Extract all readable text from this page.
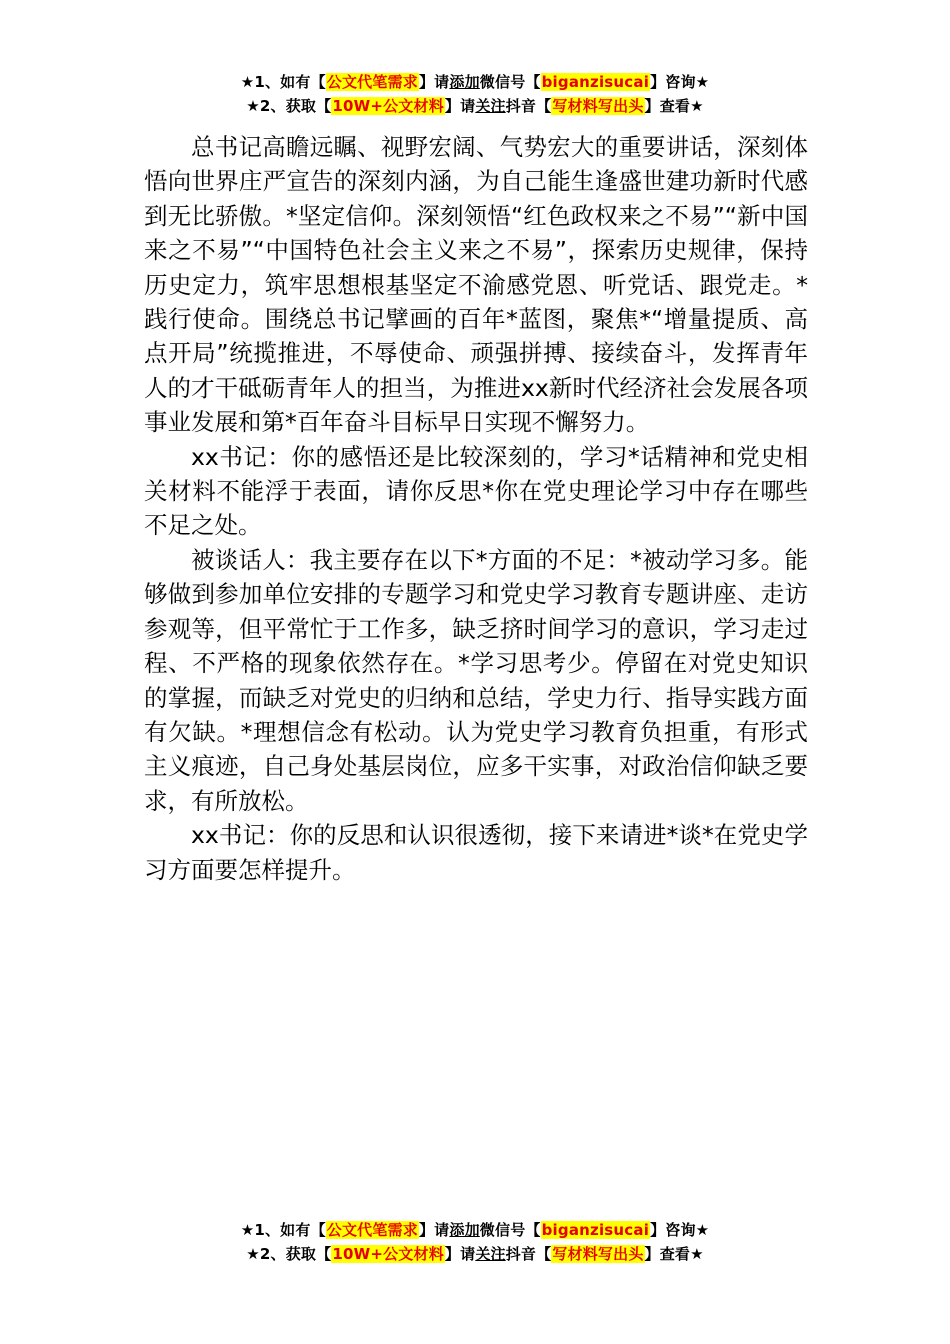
★1、如有【公文代笔需求】请添加微信号【biganzisucai】咨询★
★2、获取【10W+公文材料】请关注抖音【写材料写出头】查看★

总书记高瞻远瞩、视野宏阔、气势宏大的重要讲话，深刻体悟向世界庄严宣告的深刻内涵，为自己能生逢盛世建功新时代感到无比骄傲。*坚定信仰。深刻领悟“红色政权来之不易”“新中国来之不易”“中国特色社会主义来之不易”，探索历史规律，保持历史定力，筑牢思想根基坚定不渝感党恩、听党话、跟党走。*践行使命。围绕总书记擘画的百年*蓝图，聚焦*“增量提质、高点开局”统揽推进，不辱使命、顽强拼搏、接续奋斗，发挥青年人的才干砥砺青年人的担当，为推进xx新时代经济社会发展各项事业发展和第*百年奋斗目标早日实现不懈努力。

xx书记：你的感悟还是比较深刻的，学习*话精神和党史相关材料不能浮于表面，请你反思*你在党史理论学习中存在哪些不足之处。

被谈话人：我主要存在以下*方面的不足：*被动学习多。能够做到参加单位安排的专题学习和党史学习教育专题讲座、走访参观等，但平常忙于工作多，缺乏挤时间学习的意识，学习走过程、不严格的现象依然存在。*学习思考少。停留在对党史知识的掌握，而缺乏对党史的归纳和总结，学史力行、指导实践方面有欠缺。*理想信念有松动。认为党史学习教育负担重，有形式主义痕迹，自己身处基层岗位，应多干实事，对政治信仰缺乏要求，有所放松。

xx书记：你的反思和认识很透彻，接下来请进*谈*在党史学习方面要怎样提升。

★1、如有【公文代笔需求】请添加微信号【biganzisucai】咨询★
★2、获取【10W+公文材料】请关注抖音【写材料写出头】查看★
